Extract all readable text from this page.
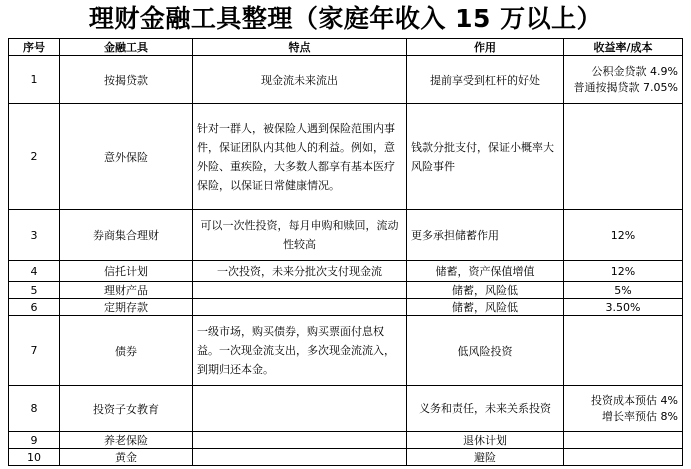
理财金融工具整理（家庭年收入 15 万以上）
序号	金融工具	特点	作用	收益率/成本
1	按揭贷款	现金流未来流出	提前享受到杠杆的好处	公积金贷款 4.9%
普通按揭贷款 7.05%

2	意外保险	针对一群人，被保险人遇到保险范围内事件，保证团队内其他人的利益。例如，意外险、重疾险，大多数人都享有基本医疗保险，以保证日常健康情况。	钱款分批支付，保证小概率大风险事件	
3	券商集合理财	可以一次性投资，每月申购和赎回，流动性较高	更多承担储蓄作用	12%
4	信托计划	一次投资，未来分批次支付现金流	储蓄，资产保值增值	12%
5	理财产品		储蓄，风险低	5%
6	定期存款		储蓄，风险低	3.50%
7	债券	一级市场，购买债券，购买票面付息权益。一次现金流支出，多次现金流流入，到期归还本金。	低风险投资	
8	投资子女教育		义务和责任，未来关系投资	投资成本预估 4%
增长率预估 8%

9	养老保险		退休计划	
10	黄金		避险	
